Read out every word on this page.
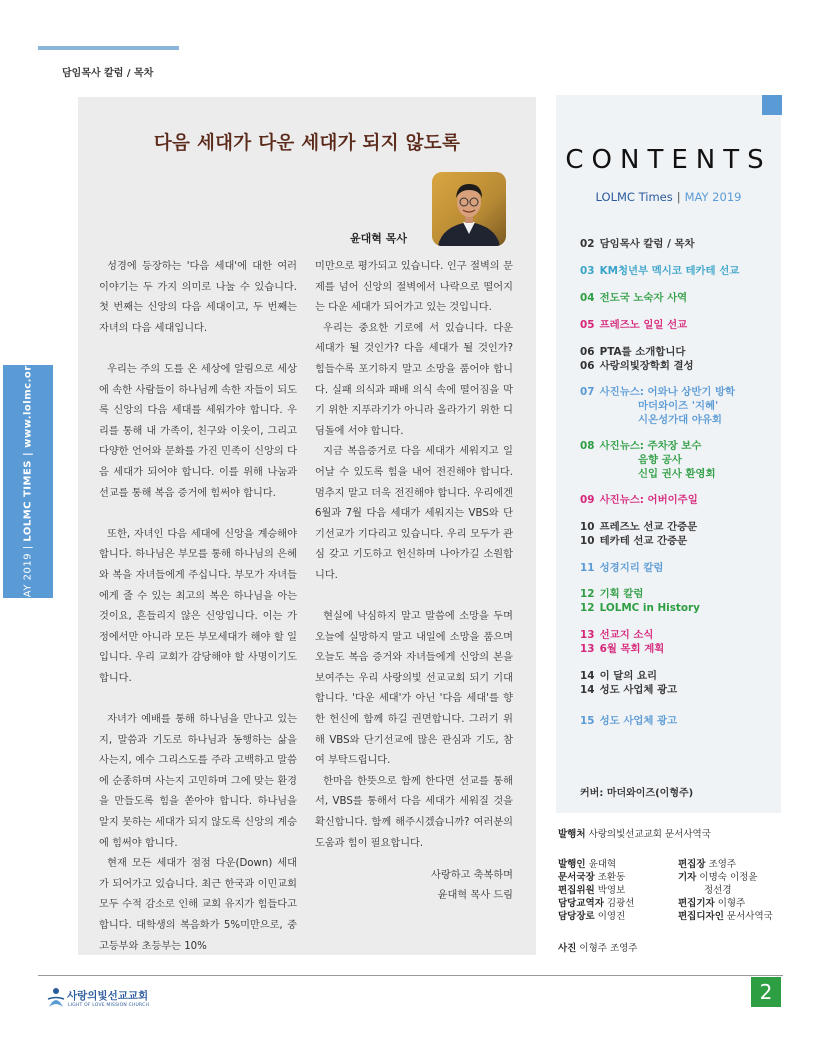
담임목사 칼럼 / 목차
MAY 2019 | LOLMC TIMES | www.lolmc.org
다음 세대가 다운 세대가 되지 않도록
윤대혁 목사

성경에 등장하는 '다음 세대'에 대한 여러 이야기는 두 가지 의미로 나눌 수 있습니다. 첫 번째는 신앙의 다음 세대이고, 두 번째는 자녀의 다음 세대입니다.

우리는 주의 도를 온 세상에 알림으로 세상에 속한 사람들이 하나님께 속한 자들이 되도록 신앙의 다음 세대를 세워가야 합니다. 우리를 통해 내 가족이, 친구와 이웃이, 그리고 다양한 언어와 문화를 가진 민족이 신앙의 다음 세대가 되어야 합니다. 이를 위해 나눔과 선교를 통해 복음 증거에 힘써야 합니다.

또한, 자녀인 다음 세대에 신앙을 계승해야 합니다. 하나님은 부모를 통해 하나님의 은혜와 복을 자녀들에게 주십니다. 부모가 자녀들에게 줄 수 있는 최고의 복은 하나님을 아는 것이요, 흔들리지 않은 신앙입니다. 이는 가정에서만 아니라 모든 부모세대가 해야 할 일입니다. 우리 교회가 감당해야 할 사명이기도 합니다.

자녀가 예배를 통해 하나님을 만나고 있는지, 말씀과 기도로 하나님과 동행하는 삶을 사는지, 예수 그리스도를 주라 고백하고 말씀에 순종하며 사는지 고민하며 그에 맞는 환경을 만들도록 힘을 쏟아야 합니다. 하나님을 알지 못하는 세대가 되지 않도록 신앙의 계승에 힘써야 합니다.

현재 모든 세대가 점점 다운(Down) 세대가 되어가고 있습니다. 최근 한국과 이민교회 모두 수적 감소로 인해 교회 유지가 힘들다고 합니다. 대학생의 복음화가 5%미만으로, 중고등부와 초등부는 10%

미만으로 평가되고 있습니다. 인구 절벽의 문제를 넘어 신앙의 절벽에서 나락으로 떨어지는 다운 세대가 되어가고 있는 것입니다.

우리는 중요한 기로에 서 있습니다. 다운 세대가 될 것인가? 다음 세대가 될 것인가? 힘들수록 포기하지 말고 소망을 품어야 합니다. 실패 의식과 패배 의식 속에 떨어짐을 막기 위한 지푸라기가 아니라 올라가기 위한 디딤돌에 서야 합니다.

지금 복음증거로 다음 세대가 세워지고 일어날 수 있도록 힘을 내어 전진해야 합니다. 멈추지 말고 더욱 전진해야 합니다. 우리에겐 6월과 7월 다음 세대가 세워지는 VBS와 단기선교가 기다리고 있습니다. 우리 모두가 관심 갖고 기도하고 헌신하며 나아가길 소원합니다.

현실에 낙심하지 말고 말씀에 소망을 두며 오늘에 실망하지 말고 내일에 소망을 품으며 오늘도 복음 증거와 자녀들에게 신앙의 본을 보여주는 우리 사랑의빛 선교교회 되기 기대합니다. '다운 세대'가 아닌 '다음 세대'를 향한 헌신에 함께 하길 권면합니다. 그러기 위해 VBS와 단기선교에 많은 관심과 기도, 참여 부탁드립니다.

한마음 한뜻으로 함께 한다면 선교를 통해서, VBS를 통해서 다음 세대가 세워질 것을 확신합니다. 함께 해주시겠습니까? 여러분의 도움과 힘이 필요합니다.

사랑하고 축복하며
윤대혁 목사 드림
CONTENTS
LOLMC Times | MAY 2019
02 담임목사 칼럼 / 목차
03 KM청년부 멕시코 테카테 선교
04 전도국 노숙자 사역
05 프레즈노 일일 선교
06 PTA를 소개합니다
06 사랑의빛장학회 결성
07 사진뉴스: 어와나 상반기 방학
마더와이즈 '지혜'
시온성가대 야유회
08 사진뉴스: 주차장 보수
음향 공사
신입 권사 환영회
09 사진뉴스: 어버이주일
10 프레즈노 선교 간증문
10 테카테 선교 간증문
11 성경지리 칼럼
12 기획 칼럼
12 LOLMC in History
13 선교지 소식
13 6월 목회 계획
14 이 달의 요리
14 성도 사업체 광고
15 성도 사업체 광고
커버: 마더와이즈(이형주)
발행처 사랑의빛선교교회 문서사역국
발행인 윤대혁
문서국장 조환동
편집위원 박영보
담당교역자 김광선
담당장로 이영진
편집장 조영주
기자 이명숙 이정윤
정선경
편집기자 이형주
편집디자인 문서사역국
사진 이형주 조영주
사랑의빛선교교회
LIGHT OF LOVE MISSION CHURCH
2
